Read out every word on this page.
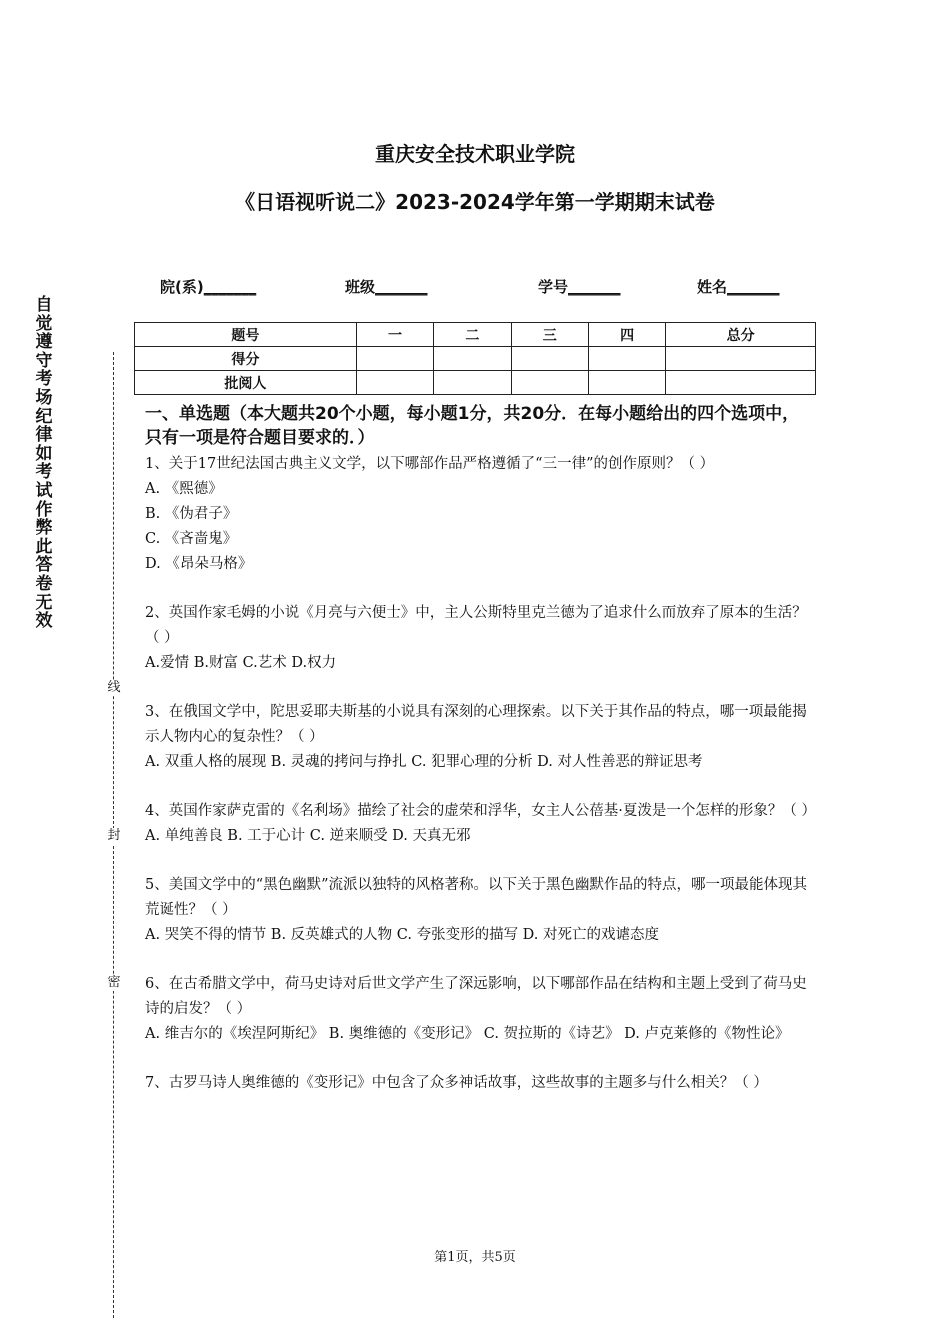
重庆安全技术职业学院
《日语视听说二》2023-2024学年第一学期期末试卷
院(系)_______	班级_______	学号_______	姓名_______
题号	一	二	三	四	总分
得分					
批阅人					
自
觉
遵
守
考
场
纪
律
如
考
试
作
弊
此
答
卷
无
效
线
封
密
一、单选题（本大题共20个小题，每小题1分，共20分．在每小题给出的四个选项中，只有一项是符合题目要求的．）

1、关于17世纪法国古典主义文学，以下哪部作品严格遵循了“三一律”的创作原则？（ ）

A. 《熙德》

B. 《伪君子》

C. 《吝啬鬼》

D. 《昂朵马格》

2、英国作家毛姆的小说《月亮与六便士》中，主人公斯特里克兰德为了追求什么而放弃了原本的生活？（ ）

A.爱情 B.财富 C.艺术 D.权力

3、在俄国文学中，陀思妥耶夫斯基的小说具有深刻的心理探索。以下关于其作品的特点，哪一项最能揭示人物内心的复杂性？（ ）

A. 双重人格的展现 B. 灵魂的拷问与挣扎 C. 犯罪心理的分析 D. 对人性善恶的辩证思考

4、英国作家萨克雷的《名利场》描绘了社会的虚荣和浮华，女主人公蓓基·夏泼是一个怎样的形象？（ ）

A. 单纯善良 B. 工于心计 C. 逆来顺受 D. 天真无邪

5、美国文学中的“黑色幽默”流派以独特的风格著称。以下关于黑色幽默作品的特点，哪一项最能体现其荒诞性？（ ）

A. 哭笑不得的情节 B. 反英雄式的人物 C. 夸张变形的描写 D. 对死亡的戏谑态度

6、在古希腊文学中，荷马史诗对后世文学产生了深远影响，以下哪部作品在结构和主题上受到了荷马史诗的启发？（ ）

A. 维吉尔的《埃涅阿斯纪》 B. 奥维德的《变形记》 C. 贺拉斯的《诗艺》 D. 卢克莱修的《物性论》

7、古罗马诗人奥维德的《变形记》中包含了众多神话故事，这些故事的主题多与什么相关？（ ）

第1页，共5页
